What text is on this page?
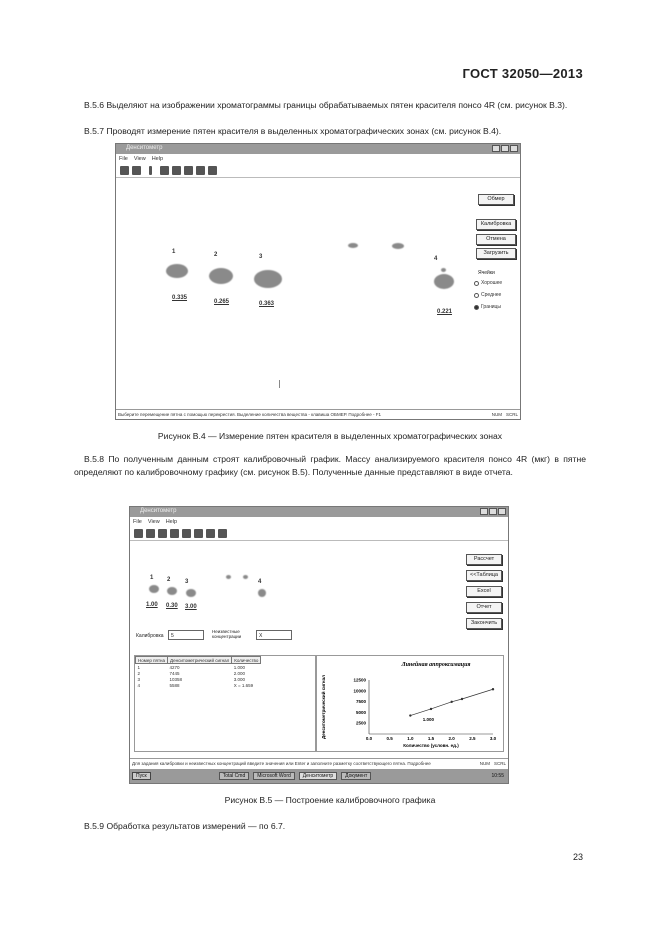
ГОСТ 32050—2013
В.5.6 Выделяют на изображении хроматограммы границы обрабатываемых пятен красителя понсо 4R (см. рисунок В.3).
В.5.7 Проводят измерение пятен красителя в выделенных хроматографических зонах (см. рисунок В.4).
Денситометр
File View Help
1	2	3	4
0.335
0.265	0.363
0.221
Обмер
Калибровка
Отмена
Загрузить
Ячейки
Хорошее
Среднее
Границы
Выберите перемещение пятна с помощью перекрестия. Выделение количества вещества - клавиша ОБМЕР. Подробнее - F1	NUM SCRL
Рисунок В.4 — Измерение пятен красителя в выделенных хроматографических зонах
В.5.8 По полученным данным строят калибровочный график. Массу анализируемого красителя понсо 4R (мкг) в пятне определяют по калибровочному графику (см. рисунок В.5). Полученные данные представляют в виде отчета.
Денситометр
File View Help
1 2 3	4
1.00 0.30 3.00
Рассчет
<<Таблица
Excel
Отчет
Закончить
Калибровка	5
Неизвестные концентрации	X
Номер пятна	Денситометрический сигнал	Количество
1	4270	1.000
2	7445	2.000
3	10358	3.000
4	5588	X = 1.659
Линейная аппроксимация
0.0	0.5	1.0	1.5	2.0	2.5	3.0
2500
5000
7500
10000
12500
Количество (условн. ед.)
Денситометрический сигнал	1.000
Для задания калибровки и неизвестных концентраций введите значения или Enter и заполните разметку соответствующего пятна. Подробнее	NUM SCRL
Пуск	Total Cmd	Microsoft Word	Денситометр	Документ	10:55
Рисунок В.5 — Построение калибровочного графика
В.5.9 Обработка результатов измерений — по 6.7.
23
